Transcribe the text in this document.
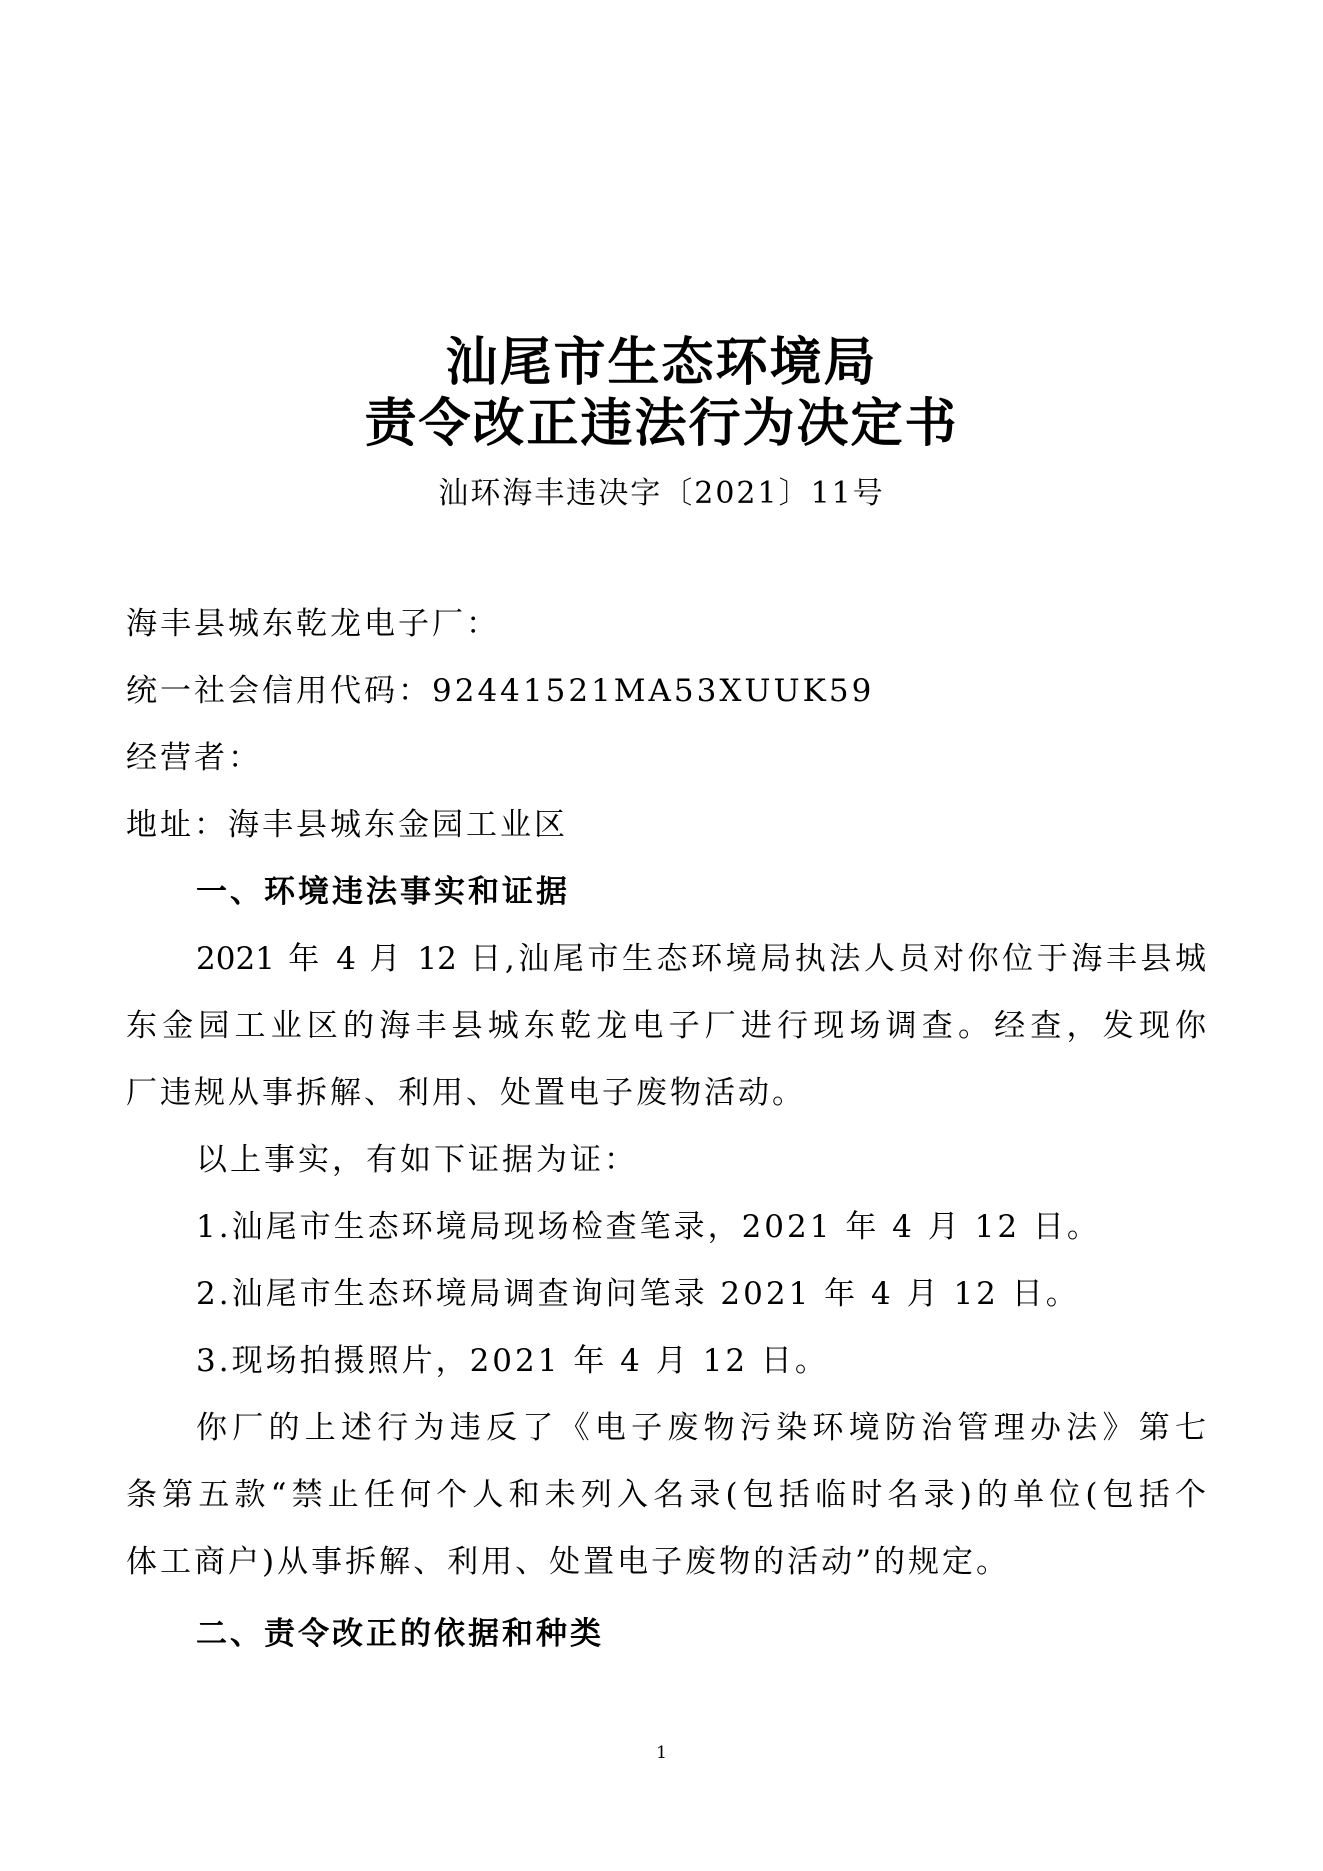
汕尾市生态环境局
责令改正违法行为决定书
汕环海丰违决字〔2021〕11号
海丰县城东乾龙电子厂：
统一社会信用代码：92441521MA53XUUK59
经营者：
地址：海丰县城东金园工业区
一、环境违法事实和证据
2021 年 4 月 12 日,汕尾市生态环境局执法人员对你位于海丰县城
东金园工业区的海丰县城东乾龙电子厂进行现场调查。经查，发现你
厂违规从事拆解、利用、处置电子废物活动。
以上事实，有如下证据为证：
1.汕尾市生态环境局现场检查笔录，2021 年 4 月 12 日。
2.汕尾市生态环境局调查询问笔录 2021 年 4 月 12 日。
3.现场拍摄照片，2021 年 4 月 12 日。
你厂的上述行为违反了《电子废物污染环境防治管理办法》第七
条第五款“禁止任何个人和未列入名录(包括临时名录)的单位(包括个
体工商户)从事拆解、利用、处置电子废物的活动”的规定。
二、责令改正的依据和种类
1
